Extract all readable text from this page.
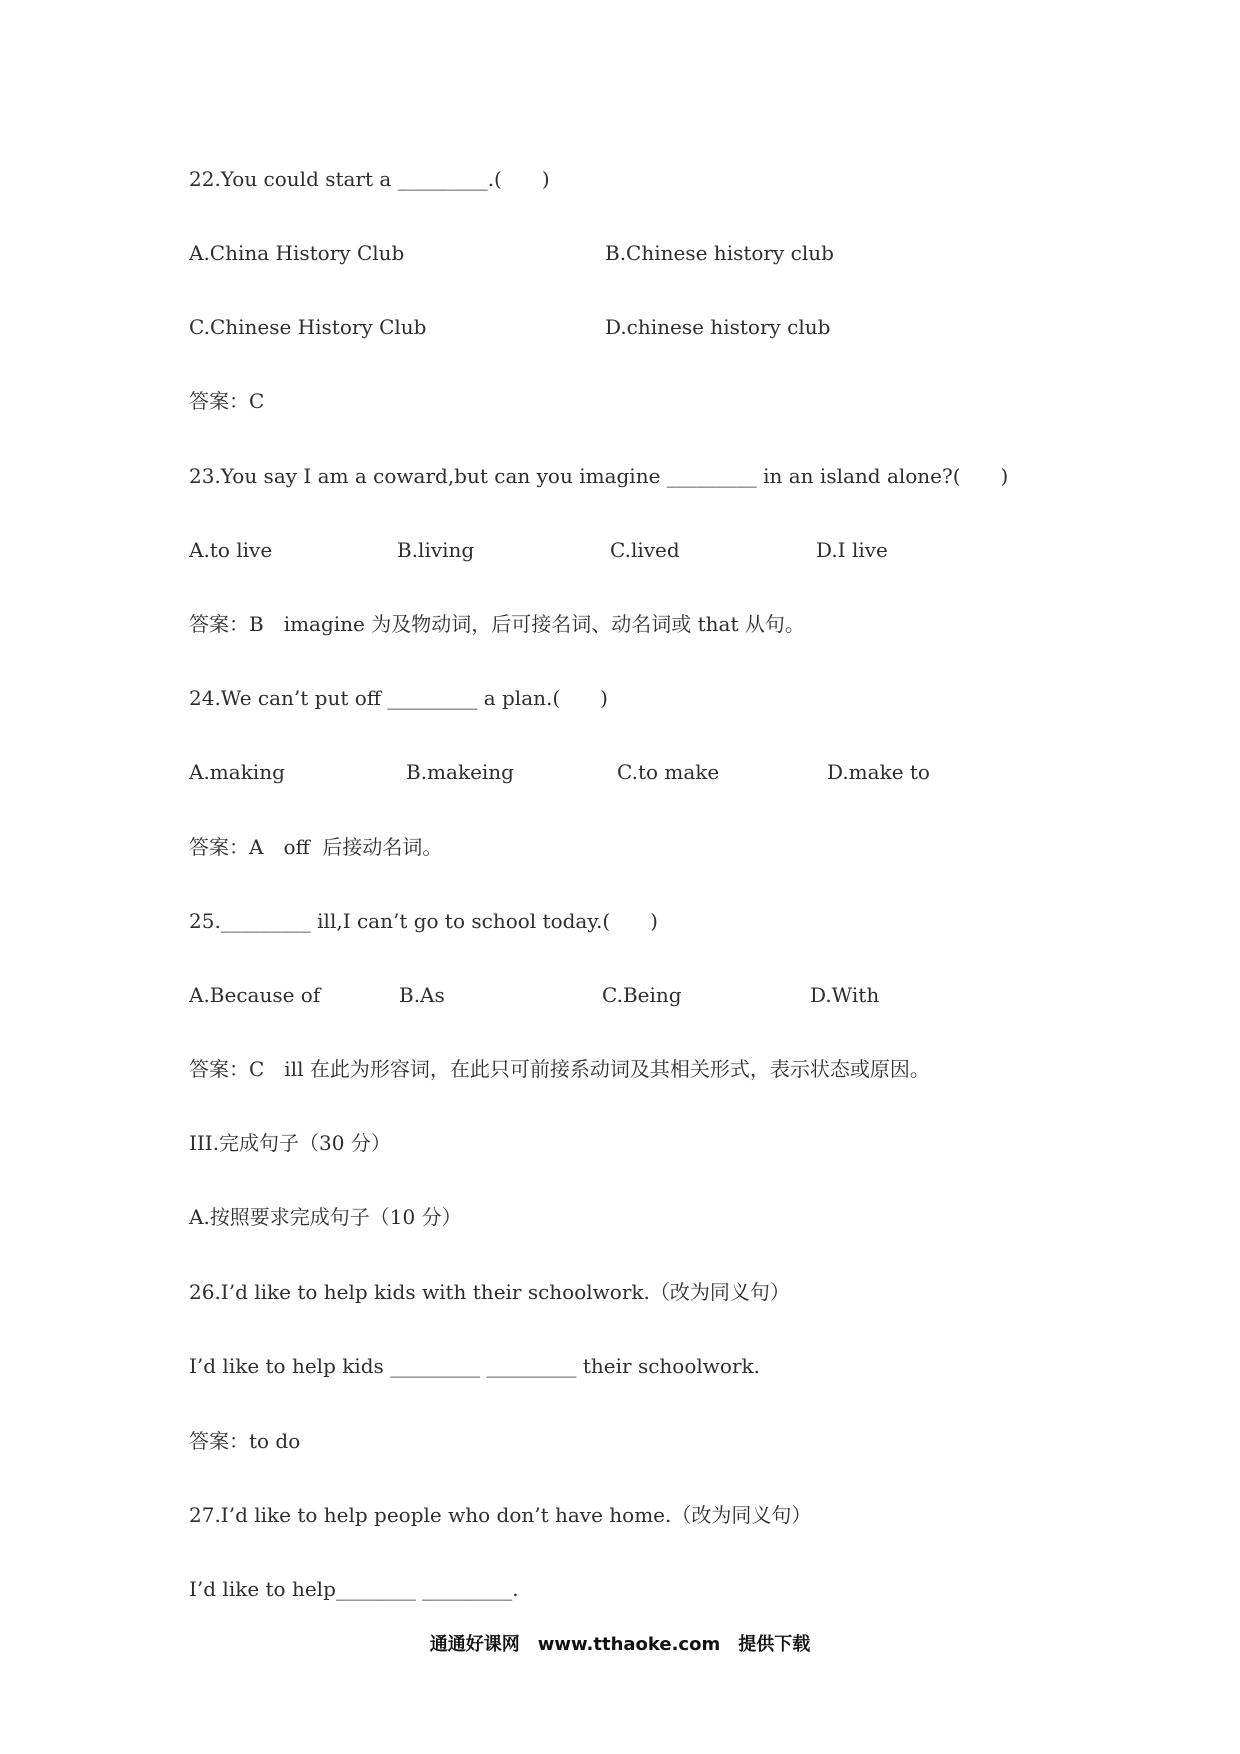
22.You could start a _________.(　　)
A.China History Club	B.Chinese history club
C.Chinese History Club	D.chinese history club
答案：C
23.You say I am a coward,but can you imagine _________ in an island alone?(　　)
A.to live	B.living	C.lived	D.I live
答案：B　imagine 为及物动词，后可接名词、动名词或 that 从句。
24.We can’t put off _________ a plan.(　　)
A.making	B.makeing	C.to make	D.make to
答案：A　off  后接动名词。
25._________ ill,I can’t go to school today.(　　)
A.Because of	B.As	C.Being	D.With
答案：C　ill 在此为形容词，在此只可前接系动词及其相关形式，表示状态或原因。
III.完成句子（30 分）
A.按照要求完成句子（10 分）
26.I’d like to help kids with their schoolwork.（改为同义句）
I’d like to help kids _________ _________ their schoolwork.
答案：to do
27.I’d like to help people who don’t have home.（改为同义句）
I’d like to help________ _________.
通通好课网　www.tthaoke.com　提供下载
